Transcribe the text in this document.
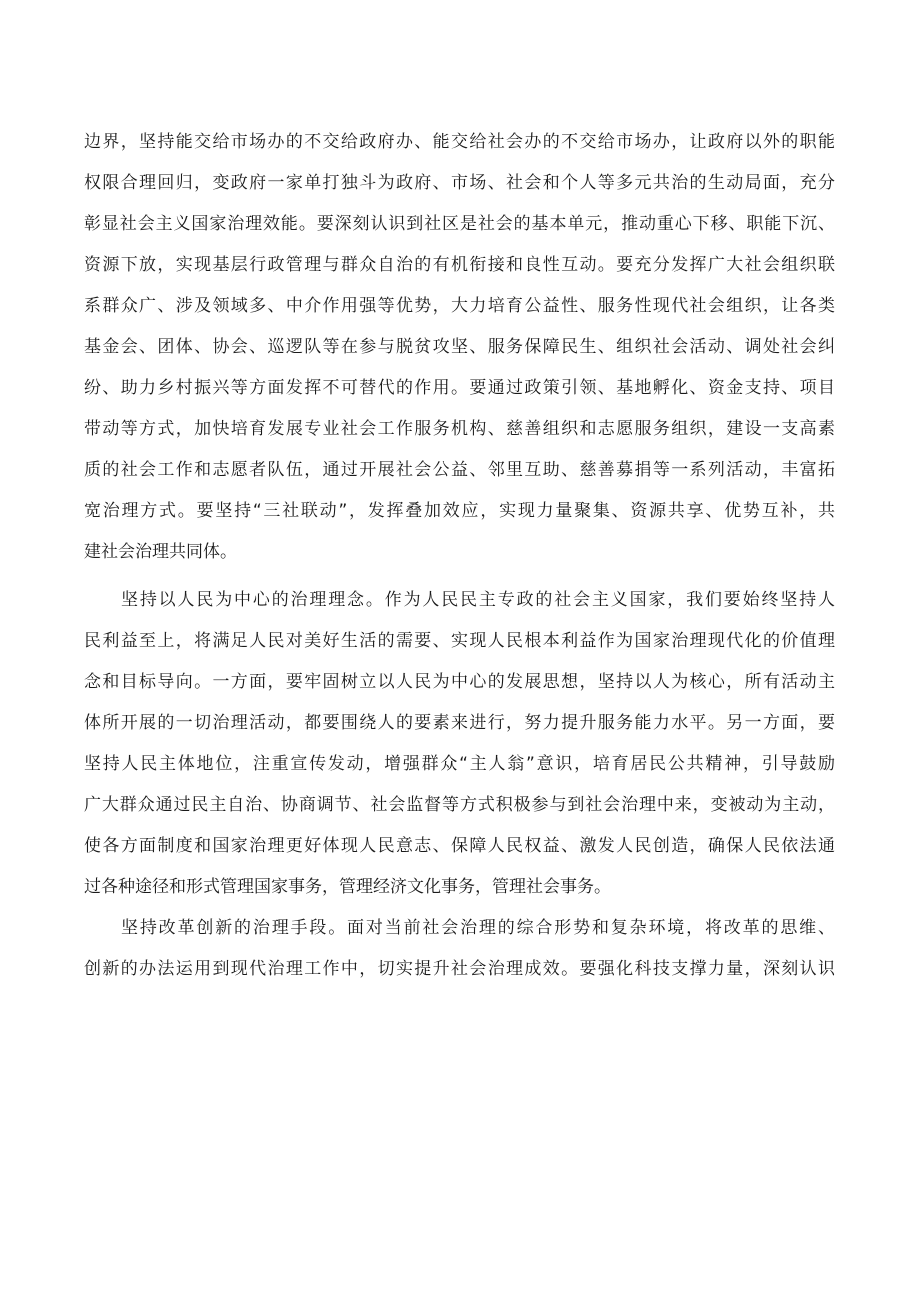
边界，坚持能交给市场办的不交给政府办、能交给社会办的不交给市场办，让政府以外的职能
权限合理回归，变政府一家单打独斗为政府、市场、社会和个人等多元共治的生动局面，充分
彰显社会主义国家治理效能。要深刻认识到社区是社会的基本单元，推动重心下移、职能下沉、
资源下放，实现基层行政管理与群众自治的有机衔接和良性互动。要充分发挥广大社会组织联
系群众广、涉及领域多、中介作用强等优势，大力培育公益性、服务性现代社会组织，让各类
基金会、团体、协会、巡逻队等在参与脱贫攻坚、服务保障民生、组织社会活动、调处社会纠
纷、助力乡村振兴等方面发挥不可替代的作用。要通过政策引领、基地孵化、资金支持、项目
带动等方式，加快培育发展专业社会工作服务机构、慈善组织和志愿服务组织，建设一支高素
质的社会工作和志愿者队伍，通过开展社会公益、邻里互助、慈善募捐等一系列活动，丰富拓
宽治理方式。要坚持“三社联动”，发挥叠加效应，实现力量聚集、资源共享、优势互补，共
建社会治理共同体。
坚持以人民为中心的治理理念。作为人民民主专政的社会主义国家，我们要始终坚持人
民利益至上，将满足人民对美好生活的需要、实现人民根本利益作为国家治理现代化的价值理
念和目标导向。一方面，要牢固树立以人民为中心的发展思想，坚持以人为核心，所有活动主
体所开展的一切治理活动，都要围绕人的要素来进行，努力提升服务能力水平。另一方面，要
坚持人民主体地位，注重宣传发动，增强群众“主人翁”意识，培育居民公共精神，引导鼓励
广大群众通过民主自治、协商调节、社会监督等方式积极参与到社会治理中来，变被动为主动，
使各方面制度和国家治理更好体现人民意志、保障人民权益、激发人民创造，确保人民依法通
过各种途径和形式管理国家事务，管理经济文化事务，管理社会事务。
坚持改革创新的治理手段。面对当前社会治理的综合形势和复杂环境，将改革的思维、
创新的办法运用到现代治理工作中，切实提升社会治理成效。要强化科技支撑力量，深刻认识
